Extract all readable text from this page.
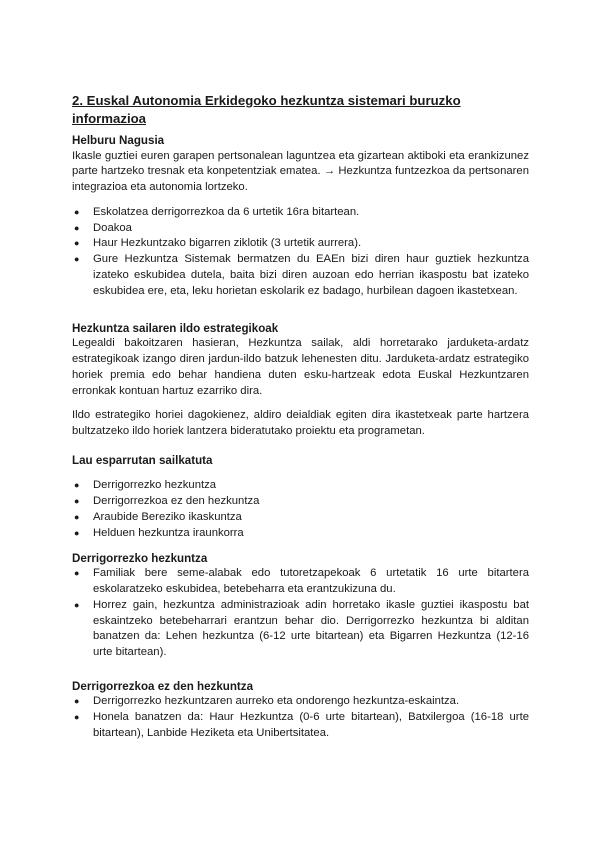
2. Euskal Autonomia Erkidegoko hezkuntza sistemari buruzko informazioa
Helburu Nagusia

Ikasle guztiei euren garapen pertsonalean laguntzea eta gizartean aktiboki eta erankizunez parte hartzeko tresnak eta konpetentziak ematea. → Hezkuntza funtzezkoa da pertsonaren integrazioa eta autonomia lortzeko.

● Eskolatzea derrigorrezkoa da 6 urtetik 16ra bitartean.
● Doakoa
● Haur Hezkuntzako bigarren ziklotik (3 urtetik aurrera).
● Gure Hezkuntza Sistemak bermatzen du EAEn bizi diren haur guztiek hezkuntza izateko eskubidea dutela, baita bizi diren auzoan edo herrian ikaspostu bat izateko eskubidea ere, eta, leku horietan eskolarik ez badago, hurbilean dagoen ikastetxean.
Hezkuntza sailaren ildo estrategikoak

Legealdi bakoitzaren hasieran, Hezkuntza sailak, aldi horretarako jarduketa-ardatz estrategikoak izango diren jardun-ildo batzuk lehenesten ditu. Jarduketa-ardatz estrategiko horiek premia edo behar handiena duten esku-hartzeak edota Euskal Hezkuntzaren erronkak kontuan hartuz ezarriko dira.

Ildo estrategiko horiei dagokienez, aldiro deialdiak egiten dira ikastetxeak parte hartzera bultzatzeko ildo horiek lantzera bideratutako proiektu eta programetan.

Lau esparrutan sailkatuta
● Derrigorrezko hezkuntza
● Derrigorrezkoa ez den hezkuntza
● Araubide Bereziko ikaskuntza
● Helduen hezkuntza iraunkorra
Derrigorrezko hezkuntza
● Familiak bere seme-alabak edo tutoretzapekoak 6 urtetatik 16 urte bitartera eskolaratzeko eskubidea, betebeharra eta erantzukizuna du.
● Horrez gain, hezkuntza administrazioak adin horretako ikasle guztiei ikaspostu bat eskaintzeko betebeharrari erantzun behar dio. Derrigorrezko hezkuntza bi alditan banatzen da: Lehen hezkuntza (6-12 urte bitartean) eta Bigarren Hezkuntza (12-16 urte bitartean).
Derrigorrezkoa ez den hezkuntza
● Derrigorrezko hezkuntzaren aurreko eta ondorengo hezkuntza-eskaintza.
● Honela banatzen da: Haur Hezkuntza (0-6 urte bitartean), Batxilergoa (16-18 urte bitartean), Lanbide Heziketa eta Unibertsitatea.
